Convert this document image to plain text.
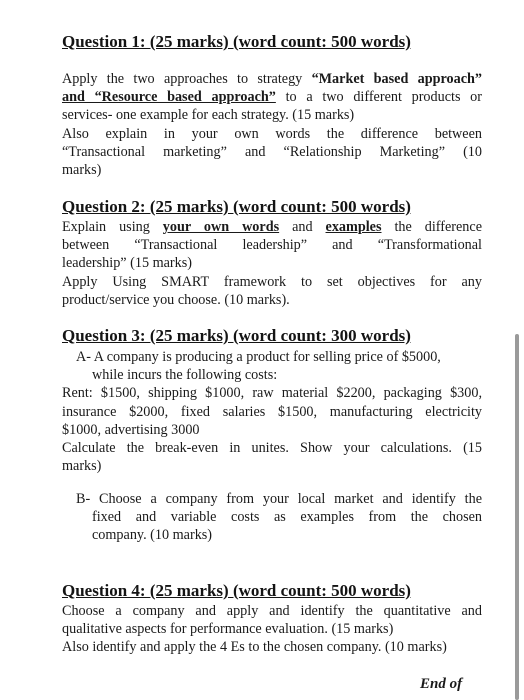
Question 1: (25 marks) (word count: 500 words)
Apply the two approaches to strategy “Market based approach”
and “Resource based approach” to a two different products or
services- one example for each strategy. (15 marks)
Also explain in your own words the difference between
“Transactional marketing” and “Relationship Marketing” (10
marks)
Question 2: (25 marks) (word count: 500 words)
Explain using your own words and examples the difference
between “Transactional leadership” and “Transformational
leadership” (15 marks)
Apply Using SMART framework to set objectives for any
product/service you choose. (10 marks).
Question 3: (25 marks) (word count: 300 words)
A- A company is producing a product for selling price of $5000,
while incurs the following costs:
Rent: $1500, shipping $1000, raw material $2200, packaging $300,
insurance $2000, fixed salaries $1500, manufacturing electricity
$1000, advertising 3000
Calculate the break-even in unites. Show your calculations. (15
marks)
B- Choose a company from your local market and identify the
fixed and variable costs as examples from the chosen
company. (10 marks)
Question 4: (25 marks) (word count: 500 words)
Choose a company and apply and identify the quantitative and
qualitative aspects for performance evaluation. (15 marks)
Also identify and apply the 4 Es to the chosen company. (10 marks)
End of
